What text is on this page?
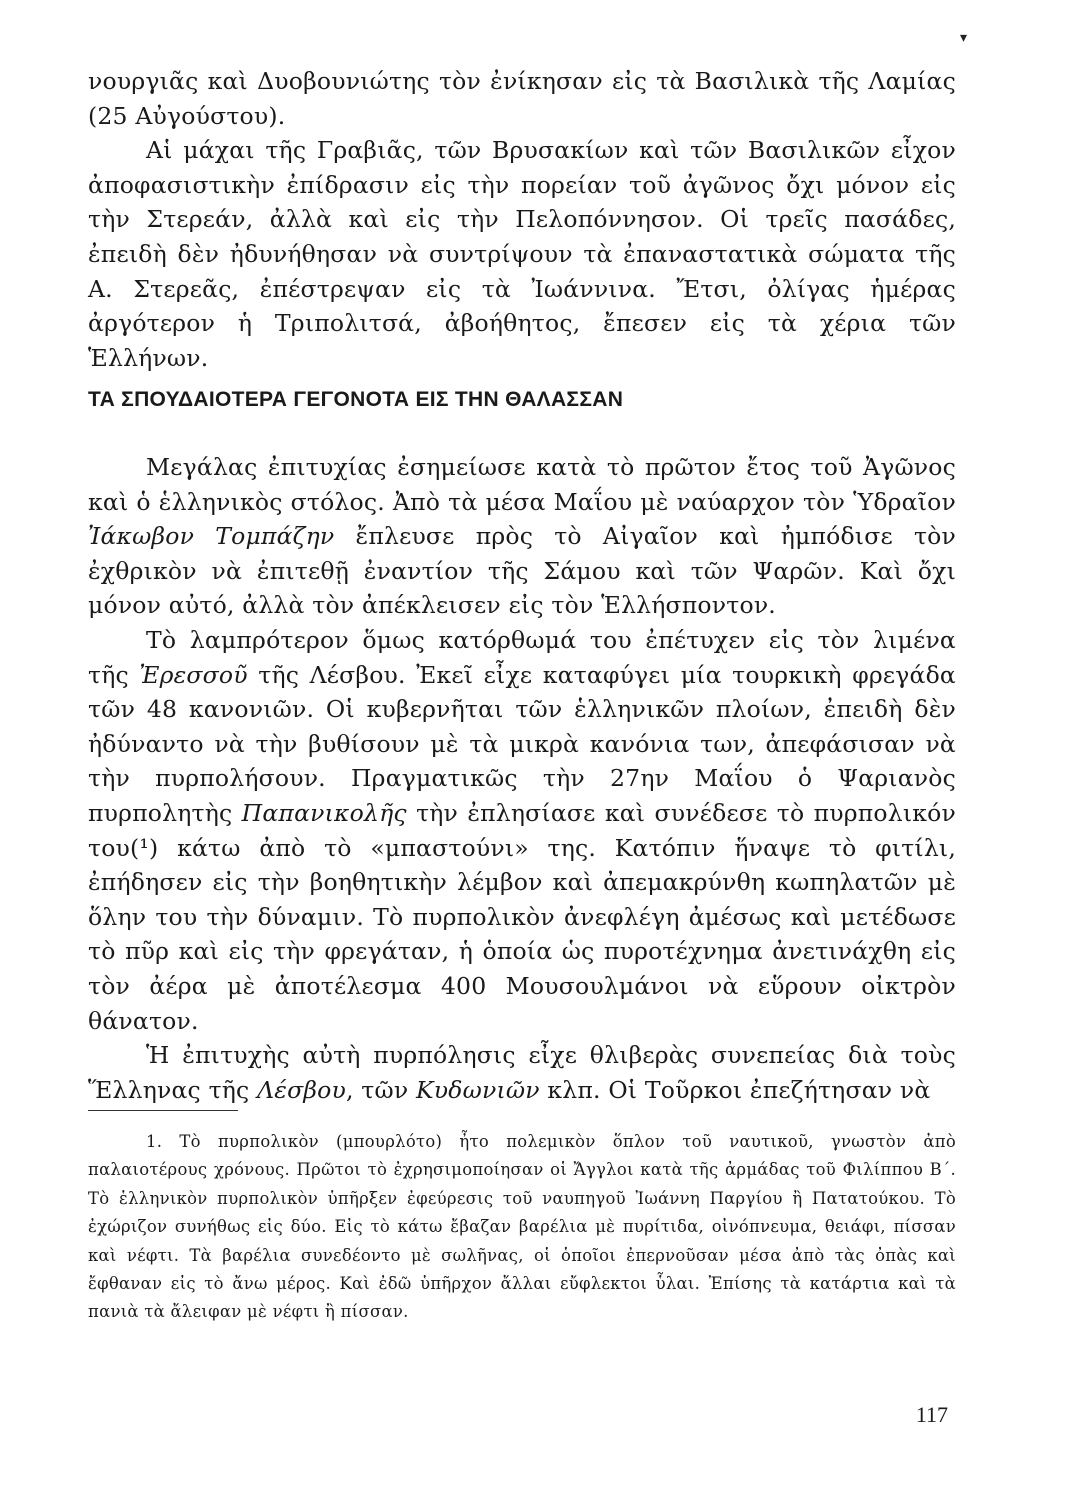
▾

νουργιᾶς καὶ Δυοβουνιώτης τὸν ἐνίκησαν εἰς τὰ Βασιλικὰ τῆς Λαμίας (25 Αὐγούστου).

Αἱ μάχαι τῆς Γραβιᾶς, τῶν Βρυσακίων καὶ τῶν Βασιλικῶν εἶχον ἀποφασιστικὴν ἐπίδρασιν εἰς τὴν πορείαν τοῦ ἀγῶνος ὄχι μόνον εἰς τὴν Στερεάν, ἀλλὰ καὶ εἰς τὴν Πελοπόννησον. Οἱ τρεῖς πασάδες, ἐπειδὴ δὲν ἠδυνήθησαν νὰ συντρίψουν τὰ ἐπαναστατικὰ σώματα τῆς Α. Στερεᾶς, ἐπέστρεψαν εἰς τὰ Ἰωάννινα. Ἔτσι, ὀλίγας ἡμέρας ἀργότερον ἡ Τριπολιτσά, ἀβοήθητος, ἔπεσεν εἰς τὰ χέρια τῶν Ἑλλήνων.

ΤΑ ΣΠΟΥΔΑΙΟΤΕΡΑ ΓΕΓΟΝΟΤΑ ΕΙΣ ΤΗΝ ΘΑΛΑΣΣΑΝ

Μεγάλας ἐπιτυχίας ἐσημείωσε κατὰ τὸ πρῶτον ἔτος τοῦ Ἀγῶνος καὶ ὁ ἑλληνικὸς στόλος. Ἀπὸ τὰ μέσα Μαΐου μὲ ναύαρχον τὸν Ὑδραῖον Ἰάκωβον Τομπάζην ἔπλευσε πρὸς τὸ Αἰγαῖον καὶ ἠμπόδισε τὸν ἐχθρικὸν νὰ ἐπιτεθῇ ἐναντίον τῆς Σάμου καὶ τῶν Ψαρῶν. Καὶ ὄχι μόνον αὐτό, ἀλλὰ τὸν ἀπέκλεισεν εἰς τὸν Ἑλλήσποντον.

Τὸ λαμπρότερον ὅμως κατόρθωμά του ἐπέτυχεν εἰς τὸν λιμένα τῆς Ἐρεσσοῦ τῆς Λέσβου. Ἐκεῖ εἶχε καταφύγει μία τουρκικὴ φρεγάδα τῶν 48 κανονιῶν. Οἱ κυβερνῆται τῶν ἑλληνικῶν πλοίων, ἐπειδὴ δὲν ἠδύναντο νὰ τὴν βυθίσουν μὲ τὰ μικρὰ κανόνια των, ἀπεφάσισαν νὰ τὴν πυρπολήσουν. Πραγματικῶς τὴν 27ην Μαΐου ὁ Ψαριανὸς πυρπολητὴς Παπανικολῆς τὴν ἐπλησίασε καὶ συνέδεσε τὸ πυρπολικόν του(¹) κάτω ἀπὸ τὸ «μπαστούνι» της. Κατόπιν ἥναψε τὸ φιτίλι, ἐπήδησεν εἰς τὴν βοηθητικὴν λέμβον καὶ ἀπεμακρύνθη κωπηλατῶν μὲ ὅλην του τὴν δύναμιν. Τὸ πυρπολικὸν ἀνεφλέγη ἀμέσως καὶ μετέδωσε τὸ πῦρ καὶ εἰς τὴν φρεγάταν, ἡ ὁποία ὡς πυροτέχνημα ἀνετινάχθη εἰς τὸν ἀέρα μὲ ἀποτέλεσμα 400 Μουσουλμάνοι νὰ εὕρουν οἰκτρὸν θάνατον.

Ἡ ἐπιτυχὴς αὐτὴ πυρπόλησις εἶχε θλιβερὰς συνεπείας διὰ τοὺς Ἕλληνας τῆς Λέσβου, τῶν Κυδωνιῶν κλπ. Οἱ Τοῦρκοι ἐπεζήτησαν νὰ

1. Τὸ πυρπολικὸν (μπουρλότο) ἦτο πολεμικὸν ὅπλον τοῦ ναυτικοῦ, γνωστὸν ἀπὸ παλαιοτέρους χρόνους. Πρῶτοι τὸ ἐχρησιμοποίησαν οἱ Ἄγγλοι κατὰ τῆς ἀρμάδας τοῦ Φιλίππου Β΄. Τὸ ἑλληνικὸν πυρπολικὸν ὑπῆρξεν ἐφεύρεσις τοῦ ναυπηγοῦ Ἰωάννη Παργίου ἢ Πατατούκου. Τὸ ἐχώριζον συνήθως εἰς δύο. Εἰς τὸ κάτω ἔβαζαν βαρέλια μὲ πυρίτιδα, οἰνόπνευμα, θειάφι, πίσσαν καὶ νέφτι. Τὰ βαρέλια συνεδέοντο μὲ σωλῆνας, οἱ ὁποῖοι ἐπερνοῦσαν μέσα ἀπὸ τὰς ὀπὰς καὶ ἔφθαναν εἰς τὸ ἄνω μέρος. Καὶ ἐδῶ ὑπῆρχον ἄλλαι εὔφλεκτοι ὗλαι. Ἐπίσης τὰ κατάρτια καὶ τὰ πανιὰ τὰ ἄλειφαν μὲ νέφτι ἢ πίσσαν.

117
